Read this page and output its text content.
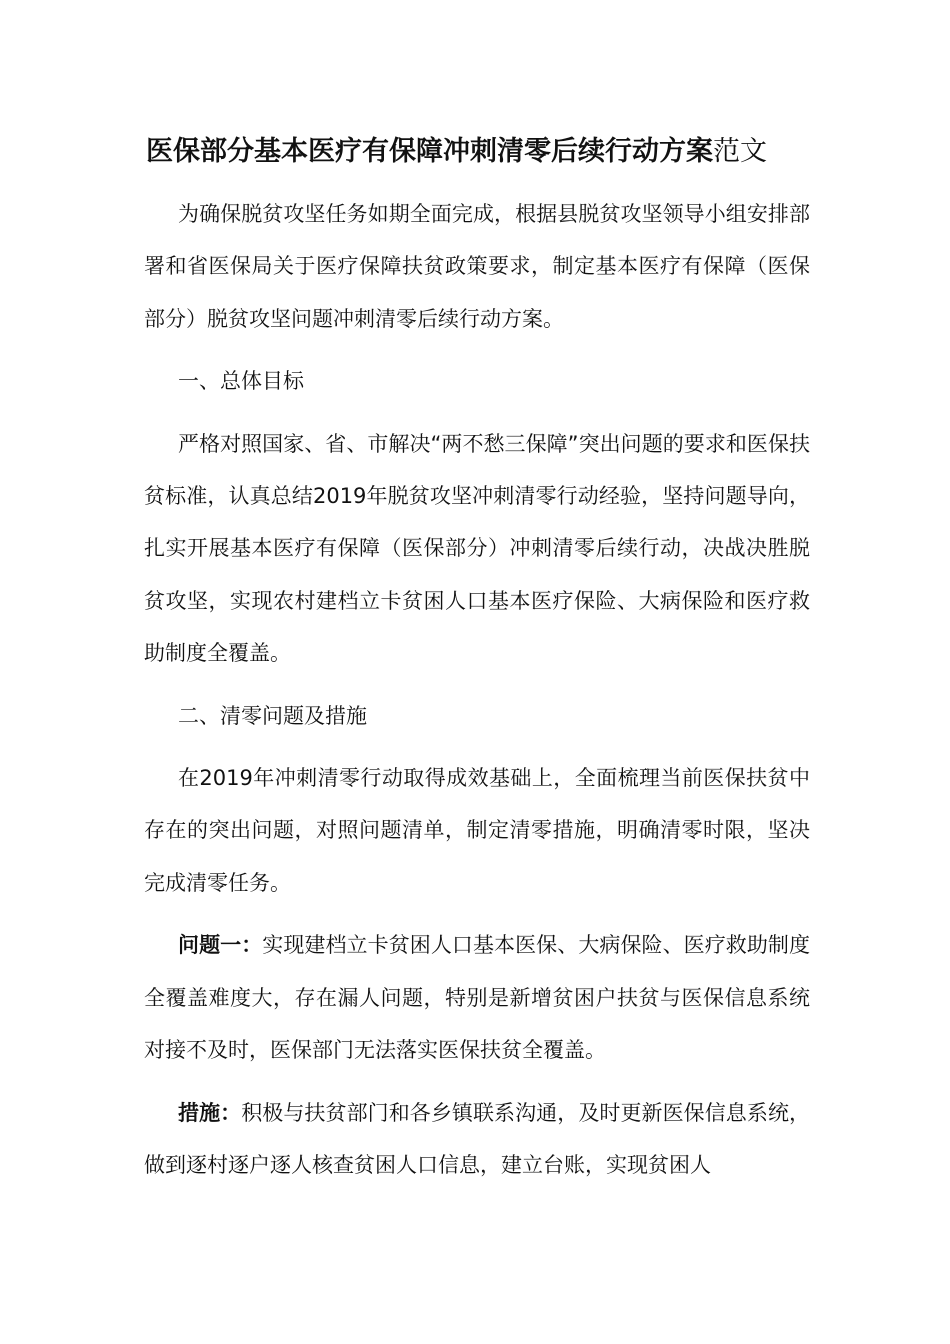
医保部分基本医疗有保障冲刺清零后续行动方案范文

为确保脱贫攻坚任务如期全面完成，根据县脱贫攻坚领导小组安排部署和省医保局关于医疗保障扶贫政策要求，制定基本医疗有保障（医保部分）脱贫攻坚问题冲刺清零后续行动方案。

一、总体目标

严格对照国家、省、市解决“两不愁三保障”突出问题的要求和医保扶贫标准，认真总结2019年脱贫攻坚冲刺清零行动经验，坚持问题导向，扎实开展基本医疗有保障（医保部分）冲刺清零后续行动，决战决胜脱贫攻坚，实现农村建档立卡贫困人口基本医疗保险、大病保险和医疗救助制度全覆盖。

二、清零问题及措施

在2019年冲刺清零行动取得成效基础上，全面梳理当前医保扶贫中存在的突出问题，对照问题清单，制定清零措施，明确清零时限，坚决完成清零任务。

问题一：实现建档立卡贫困人口基本医保、大病保险、医疗救助制度全覆盖难度大，存在漏人问题，特别是新增贫困户扶贫与医保信息系统对接不及时，医保部门无法落实医保扶贫全覆盖。

措施：积极与扶贫部门和各乡镇联系沟通，及时更新医保信息系统，做到逐村逐户逐人核查贫困人口信息，建立台账，实现贫困人
